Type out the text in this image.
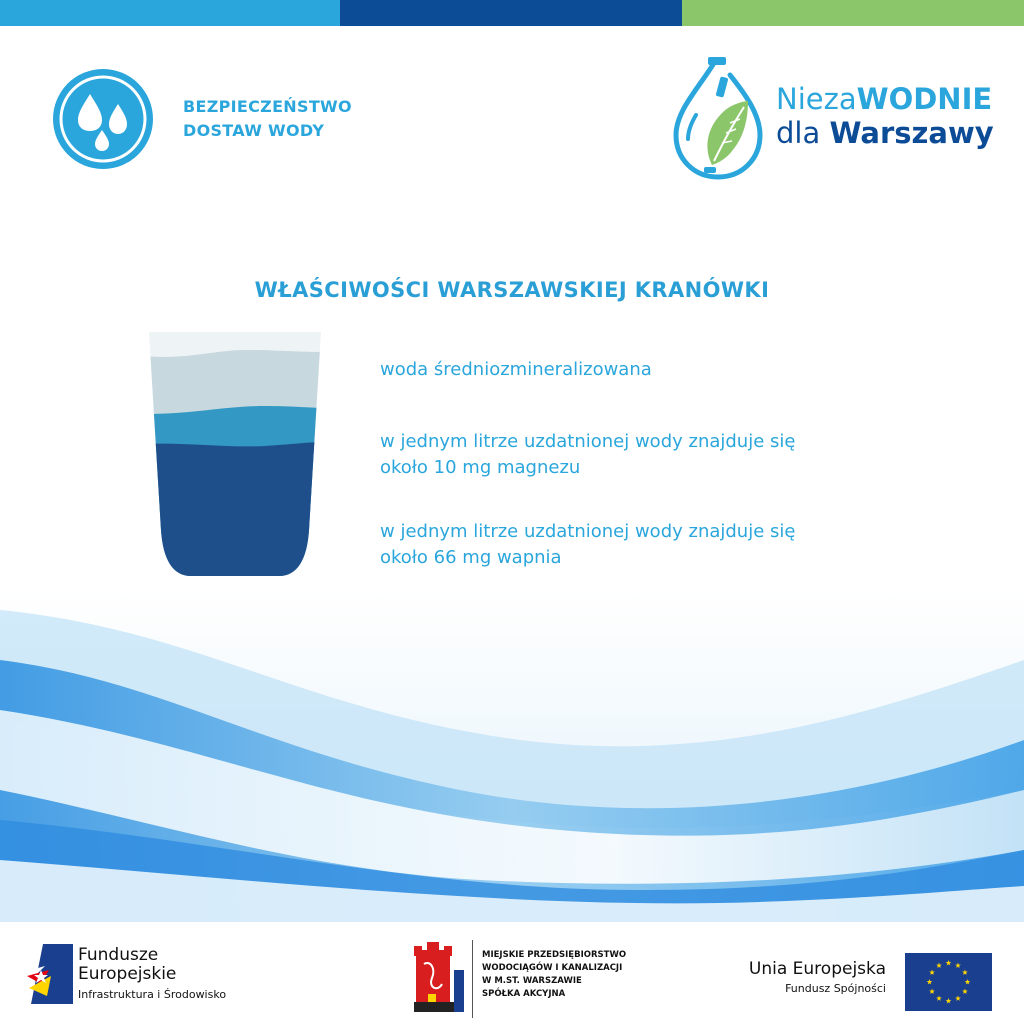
BEZPIECZEŃSTWO
DOSTAW WODY
NiezaWODNIE
dla Warszawy
WŁAŚCIWOŚCI WARSZAWSKIEJ KRANÓWKI
woda średniozmineralizowana
w jednym litrze uzdatnionej wody znajduje się
około 10 mg magnezu
w jednym litrze uzdatnionej wody znajduje się
około 66 mg wapnia
Fundusze
Europejskie
Infrastruktura i Środowisko
MIEJSKIE PRZEDSIĘBIORSTWO
WODOCIĄGÓW I KANALIZACJI
W M.ST. WARSZAWIE
SPÓŁKA AKCYJNA
Unia Europejska
Fundusz Spójności
